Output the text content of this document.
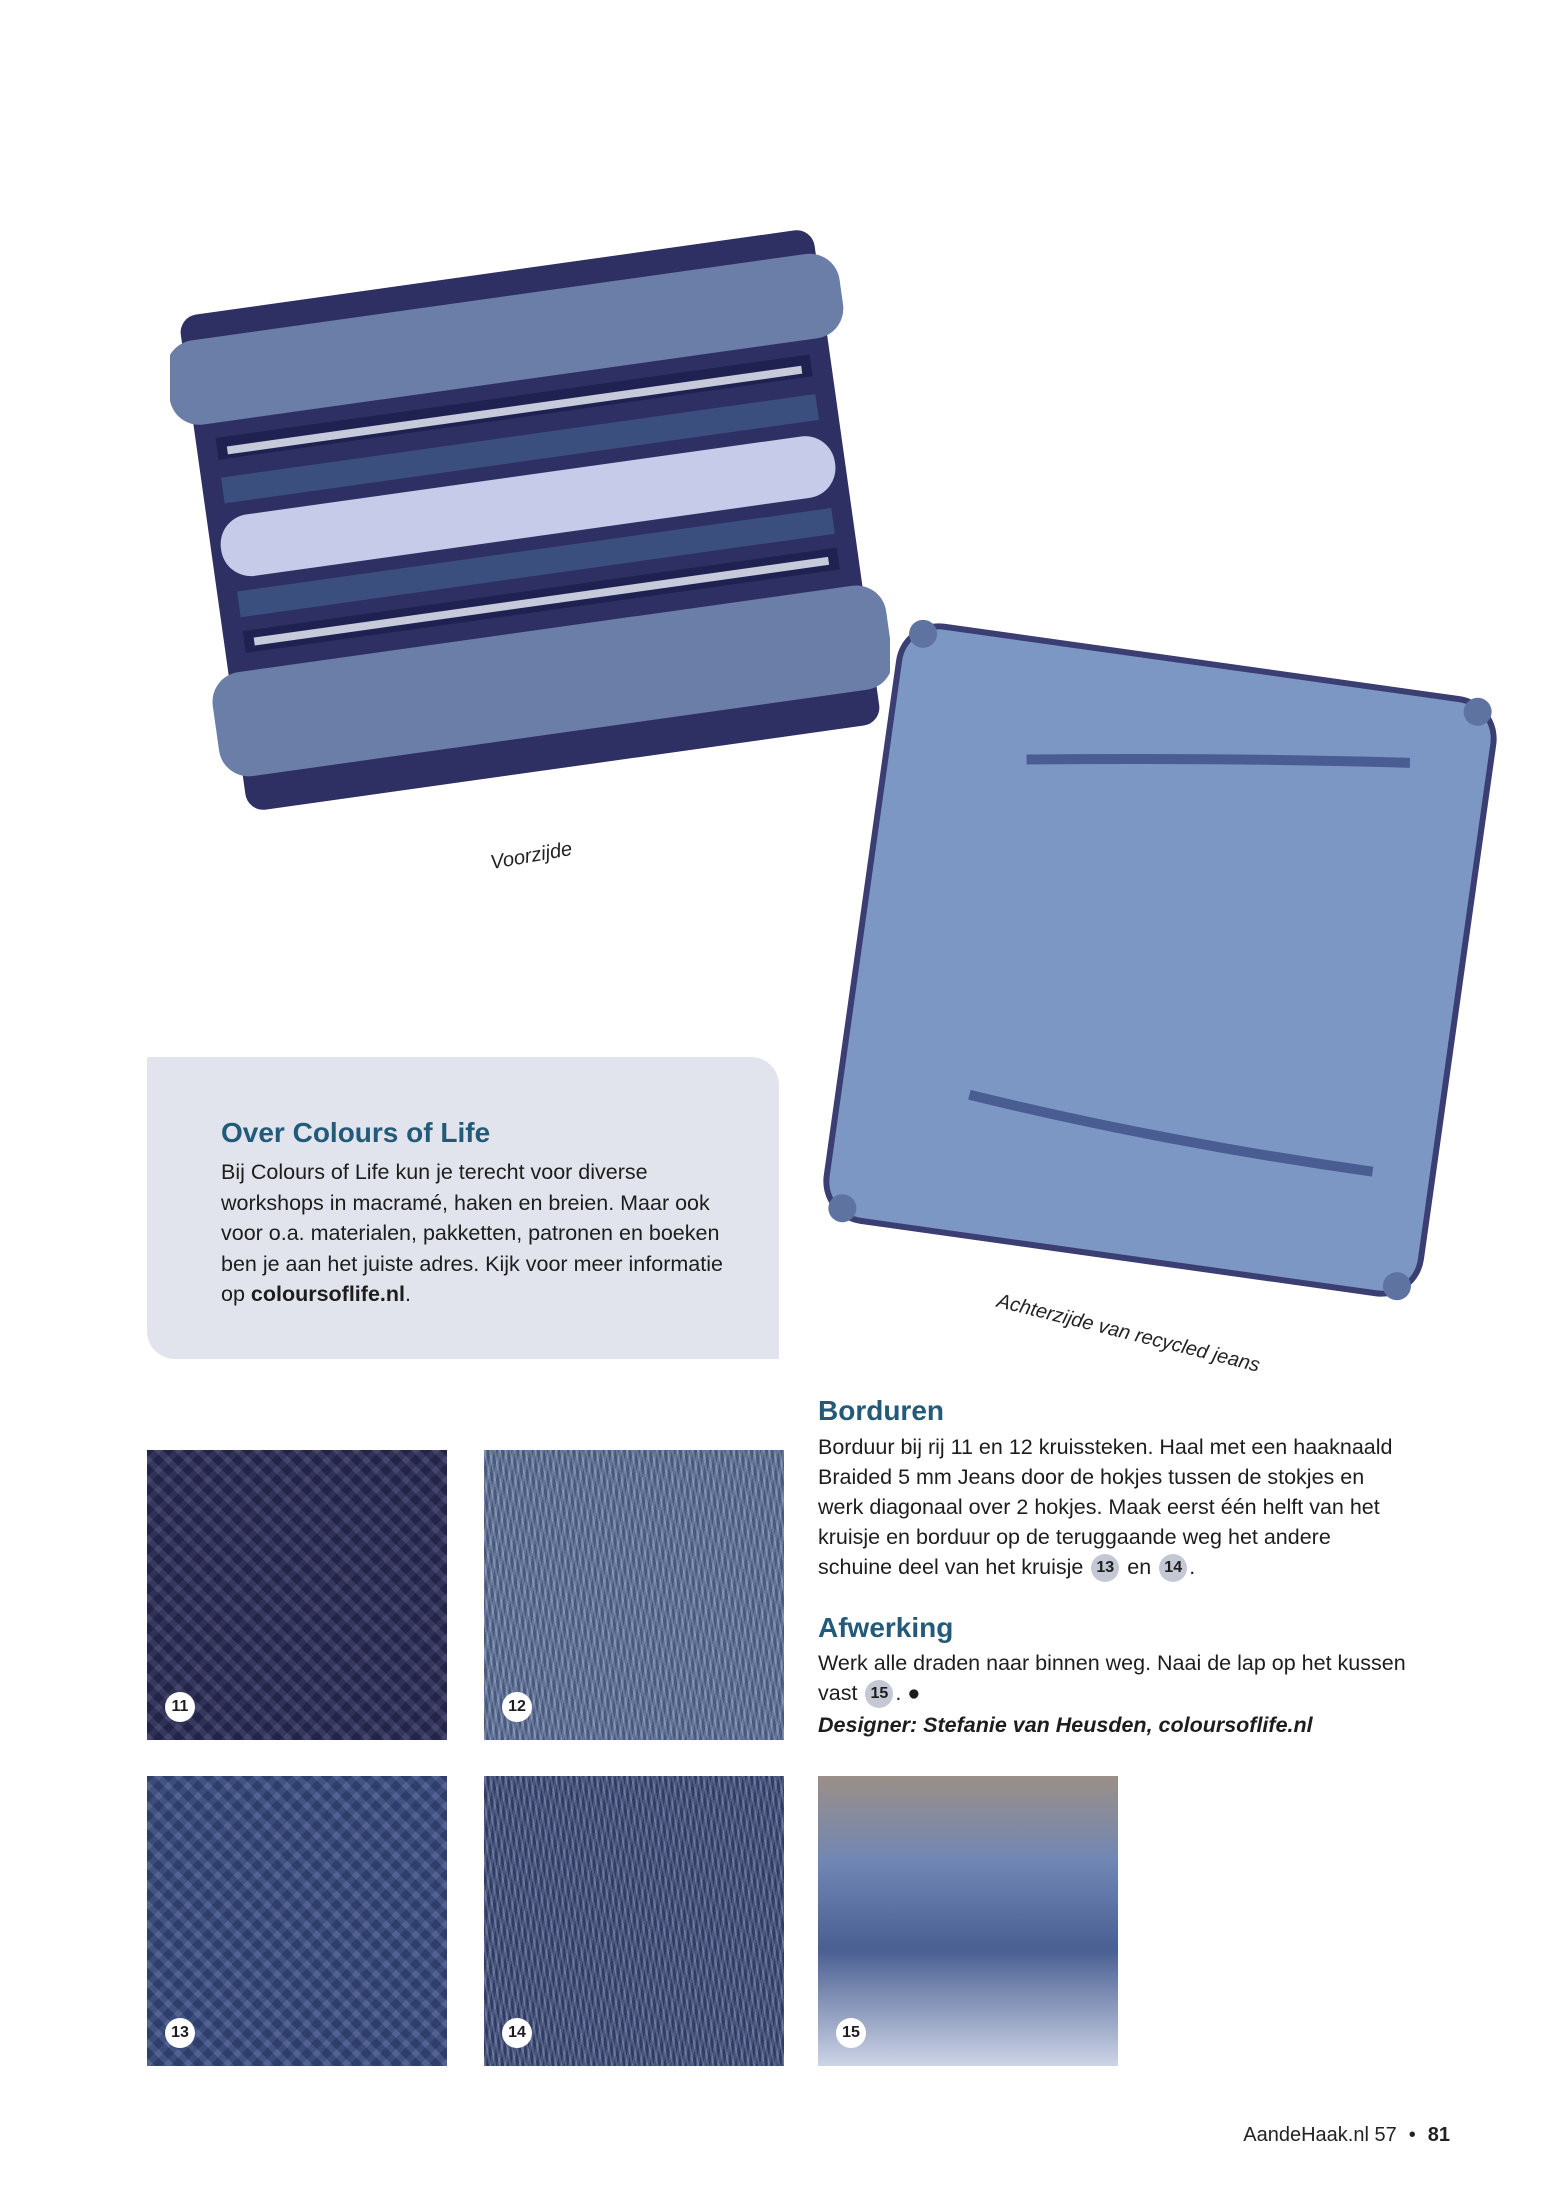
Voorzijde
Achterzijde van recycled jeans
Over Colours of Life
Bij Colours of Life kun je terecht voor diverse workshops in macramé, haken en breien. Maar ook voor o.a. materialen, pakketten, patronen en boeken ben je aan het juiste adres. Kijk voor meer informatie op coloursoflife.nl.
Borduren
Borduur bij rij 11 en 12 kruissteken. Haal met een haaknaald Braided 5 mm Jeans door de hokjes tussen de stokjes en werk diagonaal over 2 hokjes. Maak eerst één helft van het kruisje en borduur op de teruggaande weg het andere schuine deel van het kruisje 13 en 14 .
Afwerking
Werk alle draden naar binnen weg. Naai de lap op het kussen vast 15 . ●
Designer: Stefanie van Heusden, coloursoflife.nl
11	12
13	14	15
AandeHaak.nl 57 • 81
